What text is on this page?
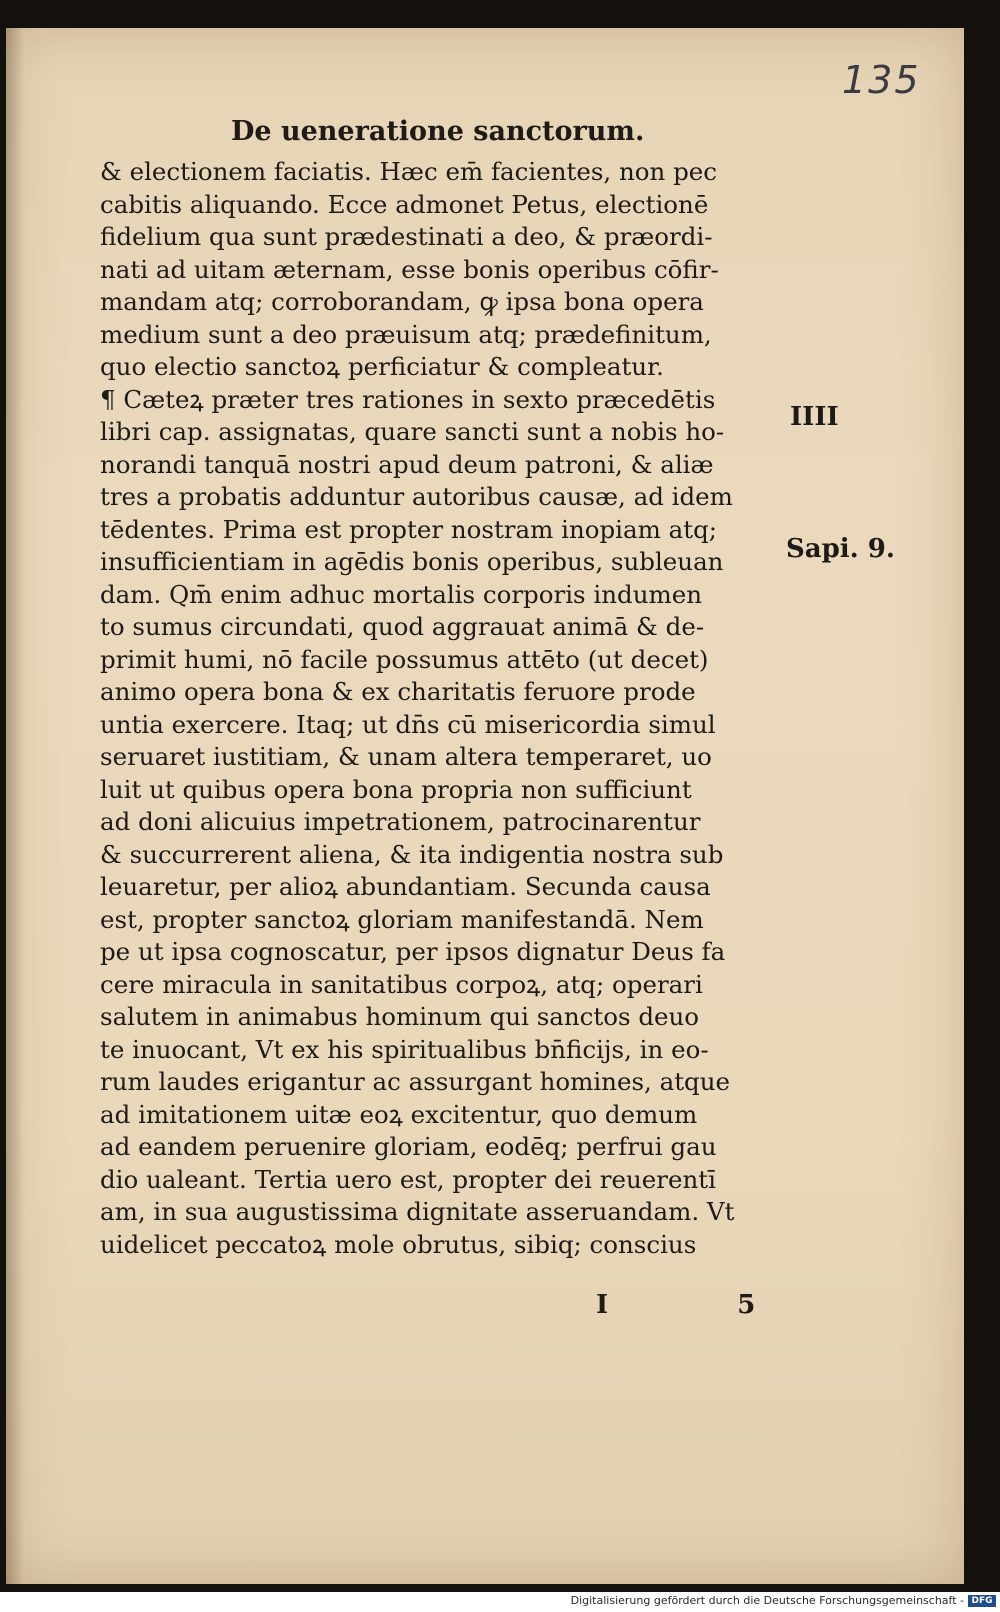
135
De ueneratione sanctorum.
& electionem faciatis. Hæc em̄ facientes, non pec
cabitis aliquando. Ecce admonet Petus, electionē
fidelium qua sunt prædestinati a deo, & præordi-
nati ad uitam æternam, esse bonis operibus cōfir-
mandam atq; corroborandam, ꝙ ipsa bona opera
medium sunt a deo præuisum atq; prædefinitum,
quo electio sanctoꝝ perficiatur & compleatur.
¶ Cæteꝝ præter tres rationes in sexto præcedētis
libri cap. assignatas, quare sancti sunt a nobis ho-
norandi tanquā nostri apud deum patroni, & aliæ
tres a probatis adduntur autoribus causæ, ad idem
tēdentes. Prima est propter nostram inopiam atq;
insufficientiam in agēdis bonis operibus, subleuan
dam. Qm̄ enim adhuc mortalis corporis indumen
to sumus circundati, quod aggrauat animā & de-
primit humi, nō facile possumus attēto (ut decet)
animo opera bona & ex charitatis feruore prode
untia exercere. Itaq; ut dn̄s cū misericordia simul
seruaret iustitiam, & unam altera temperaret, uo
luit ut quibus opera bona propria non sufficiunt
ad doni alicuius impetrationem, patrocinarentur
& succurrerent aliena, & ita indigentia nostra sub
leuaretur, per alioꝝ abundantiam. Secunda causa
est, propter sanctoꝝ gloriam manifestandā. Nem
pe ut ipsa cognoscatur, per ipsos dignatur Deus fa
cere miracula in sanitatibus corpoꝝ, atq; operari
salutem in animabus hominum qui sanctos deuo
te inuocant, Vt ex his spiritualibus bn̄ficijs, in eo-
rum laudes erigantur ac assurgant homines, atque
ad imitationem uitæ eoꝝ excitentur, quo demum
ad eandem peruenire gloriam, eodēq; perfrui gau
dio ualeant. Tertia uero est, propter dei reuerentī
am, in sua augustissima dignitate asseruandam. Vt
uidelicet peccatoꝝ mole obrutus, sibiq; conscius
IIII
Sapi. 9.
I 5
Digitalisierung gefördert durch die Deutsche Forschungsgemeinschaft - DFG
